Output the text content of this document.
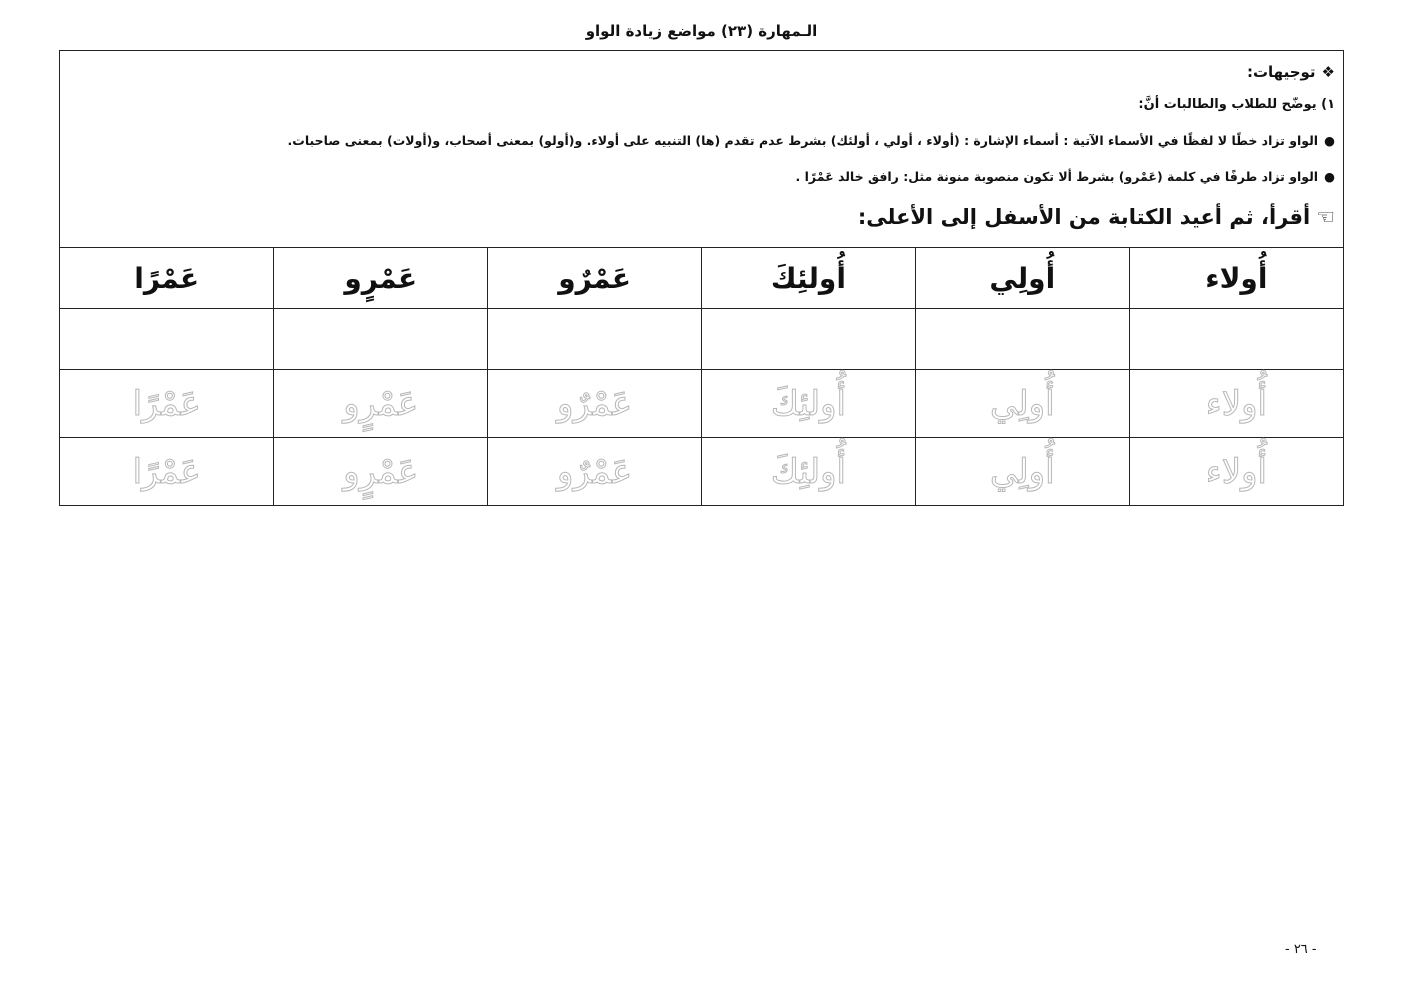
الـمهارة (٢٣) مواضع زيادة الواو
❖توجيهات:
١) يوضّح للطلاب والطالبات أنَّ:
●الواو تزاد خطًا لا لفظًا في الأسماء الآتية : أسماء الإشارة : (أولاء ، أولي ، أولئك) بشرط عدم تقدم (ها) التنبيه على أولاء. و(أولو) بمعنى أصحاب، و(أولات) بمعنى صاحبات.
●الواو تزاد طرفًا في كلمة (عَمْرو) بشرط ألا تكون منصوبة منونة مثل: رافق خالد عَمْرًا .
☜أقرأ، ثم أعيد الكتابة من الأسفل إلى الأعلى:
أُولاء	أُولِي	أُولئِكَ	عَمْرٌو	عَمْرٍو	عَمْرًا

أُولاء	أُولِي	أُولئِكَ	عَمْرٌو	عَمْرٍو	عَمْرًا
أُولاء	أُولِي	أُولئِكَ	عَمْرٌو	عَمْرٍو	عَمْرًا
- ٢٦ -
